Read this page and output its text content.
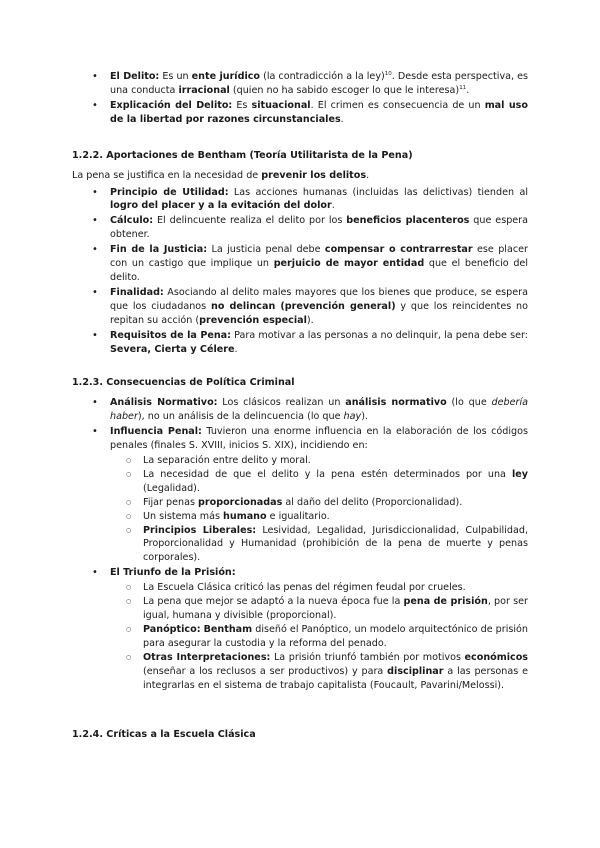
• El Delito: Es un ente jurídico (la contradicción a la ley)$^{10}$. Desde esta perspectiva, es una conducta irracional (quien no ha sabido escoger lo que le interesa)$^{11}$.
• Explicación del Delito: Es situacional. El crimen es consecuencia de un mal uso de la libertad por razones circunstanciales.
1.2.2. Aportaciones de Bentham (Teoría Utilitarista de la Pena)

La pena se justifica en la necesidad de prevenir los delitos.

• Principio de Utilidad: Las acciones humanas (incluidas las delictivas) tienden al logro del placer y a la evitación del dolor.
• Cálculo: El delincuente realiza el delito por los beneficios placenteros que espera obtener.
• Fin de la Justicia: La justicia penal debe compensar o contrarrestar ese placer con un castigo que implique un perjuicio de mayor entidad que el beneficio del delito.
• Finalidad: Asociando al delito males mayores que los bienes que produce, se espera que los ciudadanos no delincan (prevención general) y que los reincidentes no repitan su acción (prevención especial).
• Requisitos de la Pena: Para motivar a las personas a no delinquir, la pena debe ser: Severa, Cierta y Célere.
1.2.3. Consecuencias de Política Criminal
• Análisis Normativo: Los clásicos realizan un análisis normativo (lo que debería haber), no un análisis de la delincuencia (lo que hay).
• Influencia Penal: Tuvieron una enorme influencia en la elaboración de los códigos penales (finales S. XVIII, inicios S. XIX), incidiendo en:
○ La separación entre delito y moral.
○ La necesidad de que el delito y la pena estén determinados por una ley (Legalidad).
○ Fijar penas proporcionadas al daño del delito (Proporcionalidad).
○ Un sistema más humano e igualitario.
○ Principios Liberales: Lesividad, Legalidad, Jurisdiccionalidad, Culpabilidad, Proporcionalidad y Humanidad (prohibición de la pena de muerte y penas corporales).
• El Triunfo de la Prisión:
○ La Escuela Clásica criticó las penas del régimen feudal por crueles.
○ La pena que mejor se adaptó a la nueva época fue la pena de prisión, por ser igual, humana y divisible (proporcional).
○ Panóptico: Bentham diseñó el Panóptico, un modelo arquitectónico de prisión para asegurar la custodia y la reforma del penado.
○ Otras Interpretaciones: La prisión triunfó también por motivos económicos (enseñar a los reclusos a ser productivos) y para disciplinar a las personas e integrarlas en el sistema de trabajo capitalista (Foucault, Pavarini/Melossi).
1.2.4. Críticas a la Escuela Clásica
